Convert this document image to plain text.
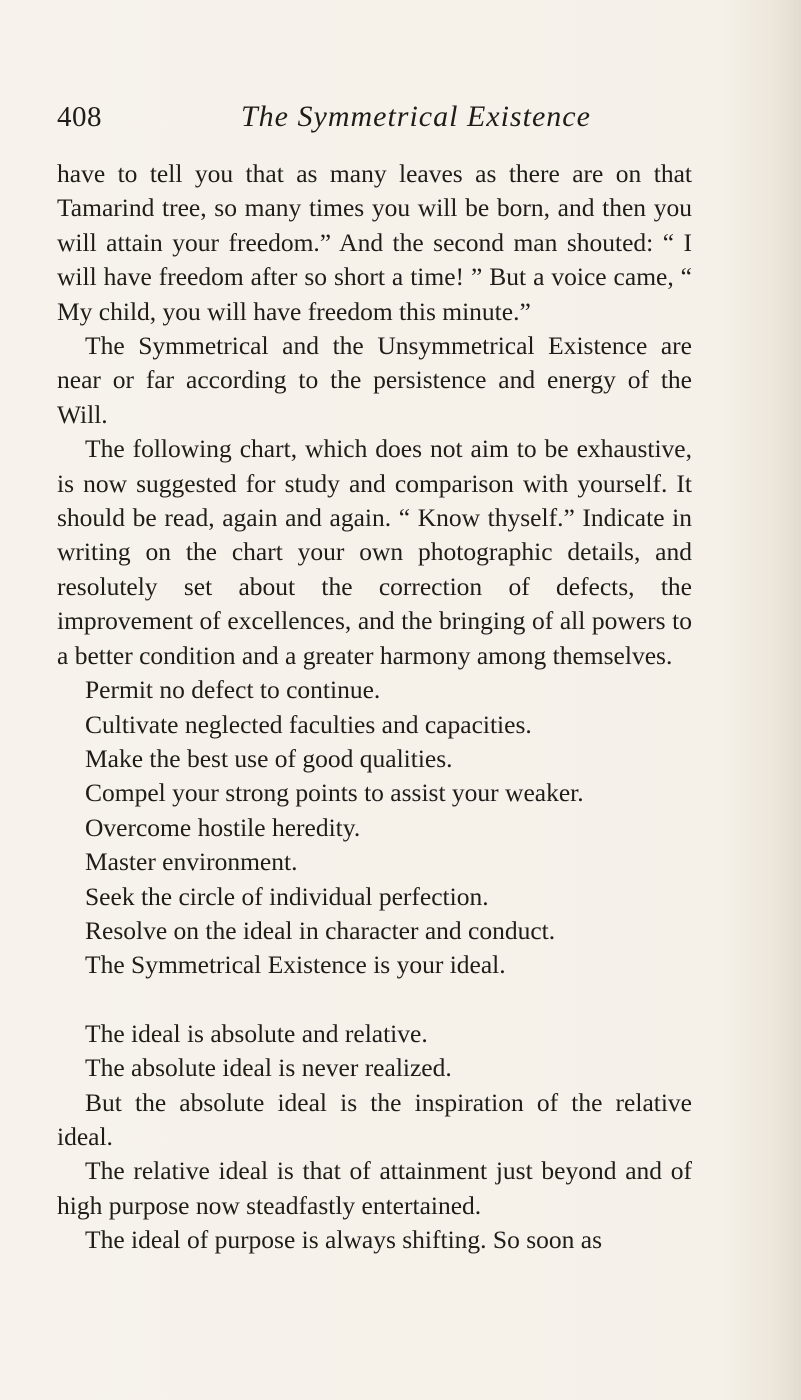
408	The Symmetrical Existence

have to tell you that as many leaves as there are on that Tamarind tree, so many times you will be born, and then you will attain your freedom.” And the second man shouted: “ I will have freedom after so short a time! ” But a voice came, “ My child, you will have freedom this minute.”

The Symmetrical and the Unsymmetrical Existence are near or far according to the persistence and energy of the Will.

The following chart, which does not aim to be exhaustive, is now suggested for study and comparison with yourself. It should be read, again and again. “ Know thyself.” Indicate in writing on the chart your own photographic details, and resolutely set about the correction of defects, the improvement of excellences, and the bringing of all powers to a better condition and a greater harmony among themselves.

Permit no defect to continue.

Cultivate neglected faculties and capacities.

Make the best use of good qualities.

Compel your strong points to assist your weaker.

Overcome hostile heredity.

Master environment.

Seek the circle of individual perfection.

Resolve on the ideal in character and conduct.

The Symmetrical Existence is your ideal.

The ideal is absolute and relative.

The absolute ideal is never realized.

But the absolute ideal is the inspiration of the relative ideal.

The relative ideal is that of attainment just beyond and of high purpose now steadfastly entertained.

The ideal of purpose is always shifting. So soon as
